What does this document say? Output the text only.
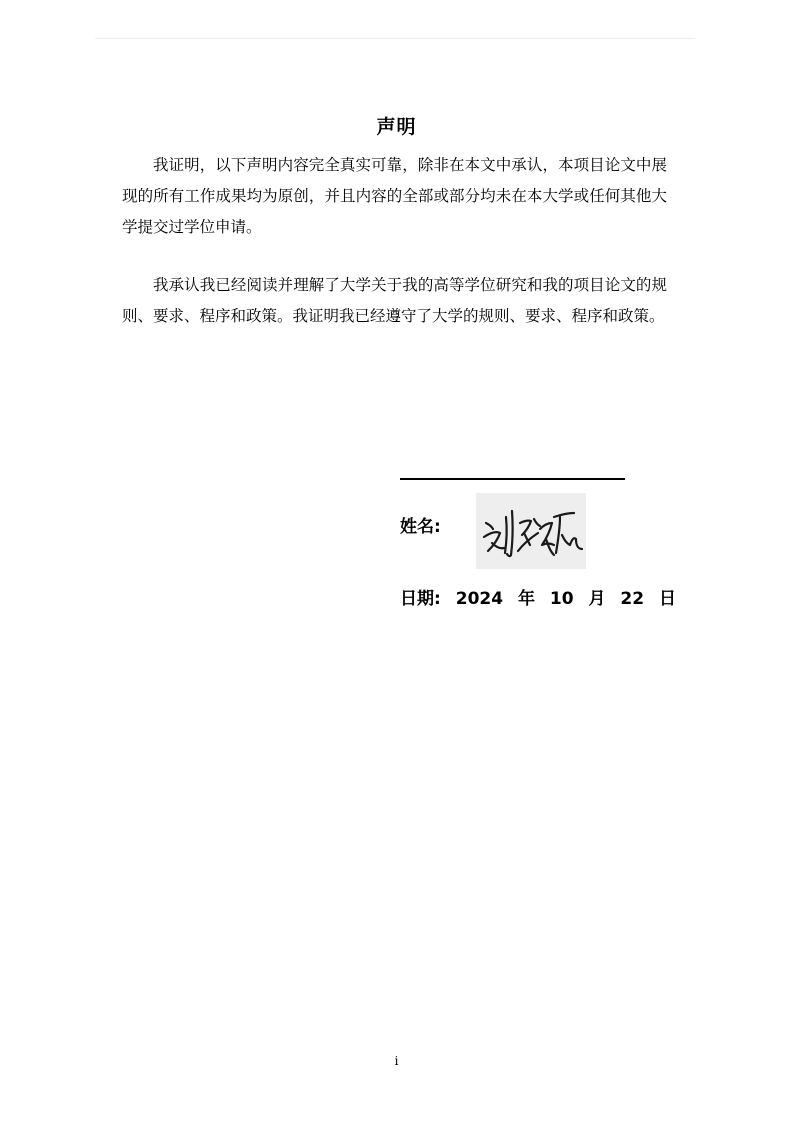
声明

我证明，以下声明内容完全真实可靠，除非在本文中承认，本项目论文中展现的所有工作成果均为原创，并且内容的全部或部分均未在本大学或任何其他大学提交过学位申请。

我承认我已经阅读并理解了大学关于我的高等学位研究和我的项目论文的规则、要求、程序和政策。我证明我已经遵守了大学的规则、要求、程序和政策。

姓名:
日期: 2024 年 10 月 22 日
i
